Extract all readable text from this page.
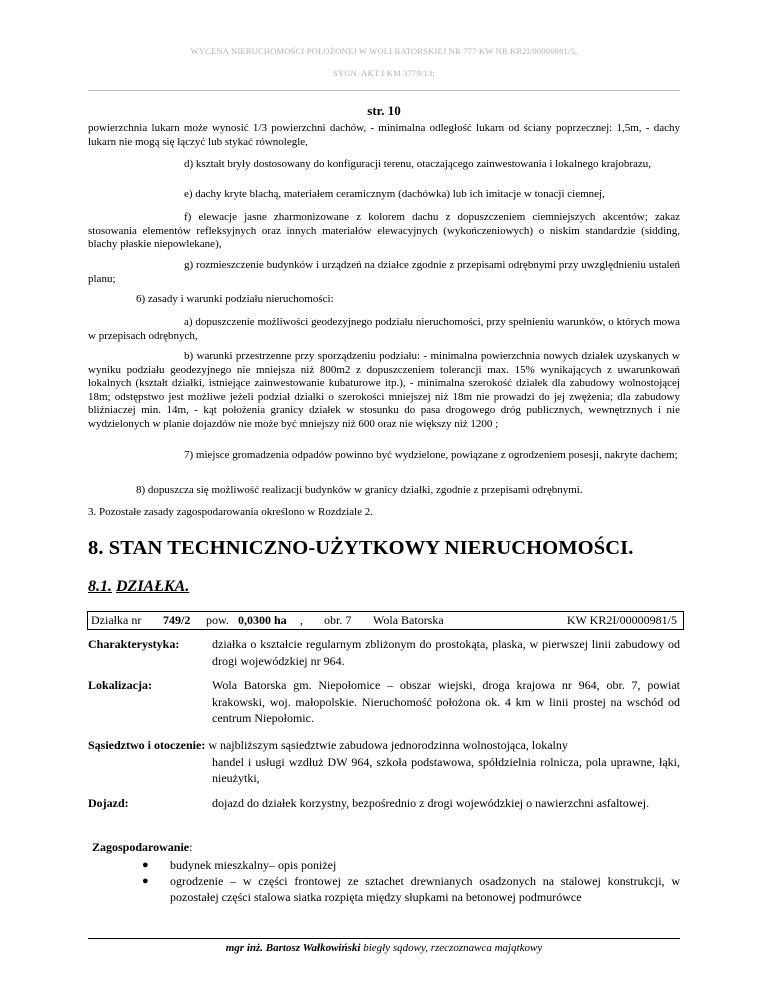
WYCENA NIERUCHOMOŚCI POŁOŻONEJ W WOLI BATORSKIEJ NR 777 KW NR KR2I/00000981/5,
SYGN. AKT I KM 3779/13;
str. 10

powierzchnia lukarn może wynosić 1/3 powierzchni dachów, - minimalna odległość lukarn od ściany poprzecznej: 1,5m, - dachy lukarn nie mogą się łączyć lub stykać równolegle,

d) kształt bryły dostosowany do konfiguracji terenu, otaczającego zainwestowania i lokalnego krajobrazu,

e) dachy kryte blachą, materiałem ceramicznym (dachówka) lub ich imitacje w tonacji ciemnej,

f) elewacje jasne zharmonizowane z kolorem dachu z dopuszczeniem ciemniejszych akcentów; zakaz stosowania elementów refleksyjnych oraz innych materiałów elewacyjnych (wykończeniowych) o niskim standardzie (sidding, blachy płaskie niepowlekane),

g) rozmieszczenie budynków i urządzeń na działce zgodnie z przepisami odrębnymi przy uwzględnieniu ustaleń planu;

6) zasady i warunki podziału nieruchomości:

a) dopuszczenie możliwości geodezyjnego podziału nieruchomości, przy spełnieniu warunków, o których mowa w przepisach odrębnych,

b) warunki przestrzenne przy sporządzeniu podziału: - minimalna powierzchnia nowych działek uzyskanych w wyniku podziału geodezyjnego nie mniejsza niż 800m2 z dopuszczeniem tolerancji max. 15% wynikających z uwarunkowań lokalnych (kształt działki, istniejące zainwestowanie kubaturowe itp.), - minimalna szerokość działek dla zabudowy wolnostojącej 18m; odstępstwo jest możliwe jeżeli podział działki o szerokości mniejszej niż 18m nie prowadzi do jej zwężenia; dla zabudowy bliźniaczej min. 14m, - kąt położenia granicy działek w stosunku do pasa drogowego dróg publicznych, wewnętrznych i nie wydzielonych w planie dojazdów nie może być mniejszy niż 600 oraz nie większy niż 1200 ;

7) miejsce gromadzenia odpadów powinno być wydzielone, powiązane z ogrodzeniem posesji, nakryte dachem;

8) dopuszcza się możliwość realizacji budynków w granicy działki, zgodnie z przepisami odrębnymi.

3. Pozostałe zasady zagospodarowania określono w Rozdziale 2.

8. STAN TECHNICZNO-UŻYTKOWY NIERUCHOMOŚCI.
8.1. DZIAŁKA.
Działka nr 749/2 pow. 0,0300 ha , obr. 7 Wola Batorska	KW KR2I/00000981/5
Charakterystyka:	działka o kształcie regularnym zbliżonym do prostokąta, plaska, w pierwszej linii zabudowy od drogi wojewódzkiej nr 964.
Lokalizacja:	Wola Batorska gm. Niepołomice – obszar wiejski, droga krajowa nr 964, obr. 7, powiat krakowski, woj. małopolskie. Nieruchomość położona ok. 4 km w linii prostej na wschód od centrum Niepołomic.
Sąsiedztwo i otoczenie: w najbliższym sąsiedztwie zabudowa jednorodzinna wolnostojąca, lokalny
handel i usługi wzdłuż DW 964, szkoła podstawowa, spółdzielnia rolnicza, pola uprawne, łąki, nieużytki,
Dojazd:	dojazd do działek korzystny, bezpośrednio z drogi wojewódzkiej o nawierzchni asfaltowej.
Zagospodarowanie:
● budynek mieszkalny– opis poniżej
● ogrodzenie – w części frontowej ze sztachet drewnianych osadzonych na stalowej konstrukcji, w pozostałej części stalowa siatka rozpięta między słupkami na betonowej podmurówce
mgr inż. Bartosz Wałkowiński biegły sądowy, rzeczoznawca majątkowy
